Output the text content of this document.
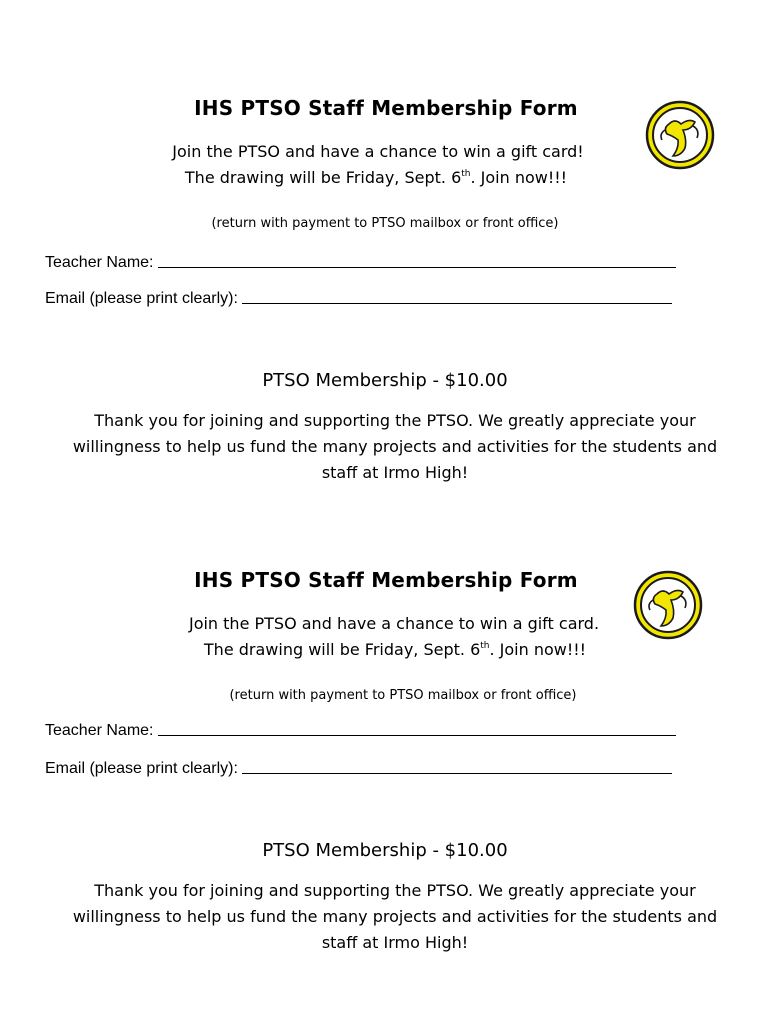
IHS PTSO Staff Membership Form
Join the PTSO and have a chance to win a gift card!
The drawing will be Friday, Sept. 6th. Join now!!!
(return with payment to PTSO mailbox or front office)
Teacher Name:
Email (please print clearly):
PTSO Membership - $10.00
Thank you for joining and supporting the PTSO. We greatly appreciate your
willingness to help us fund the many projects and activities for the students and
staff at Irmo High!
IHS PTSO Staff Membership Form
Join the PTSO and have a chance to win a gift card.
The drawing will be Friday, Sept. 6th. Join now!!!
(return with payment to PTSO mailbox or front office)
Teacher Name:
Email (please print clearly):
PTSO Membership - $10.00
Thank you for joining and supporting the PTSO. We greatly appreciate your
willingness to help us fund the many projects and activities for the students and
staff at Irmo High!
